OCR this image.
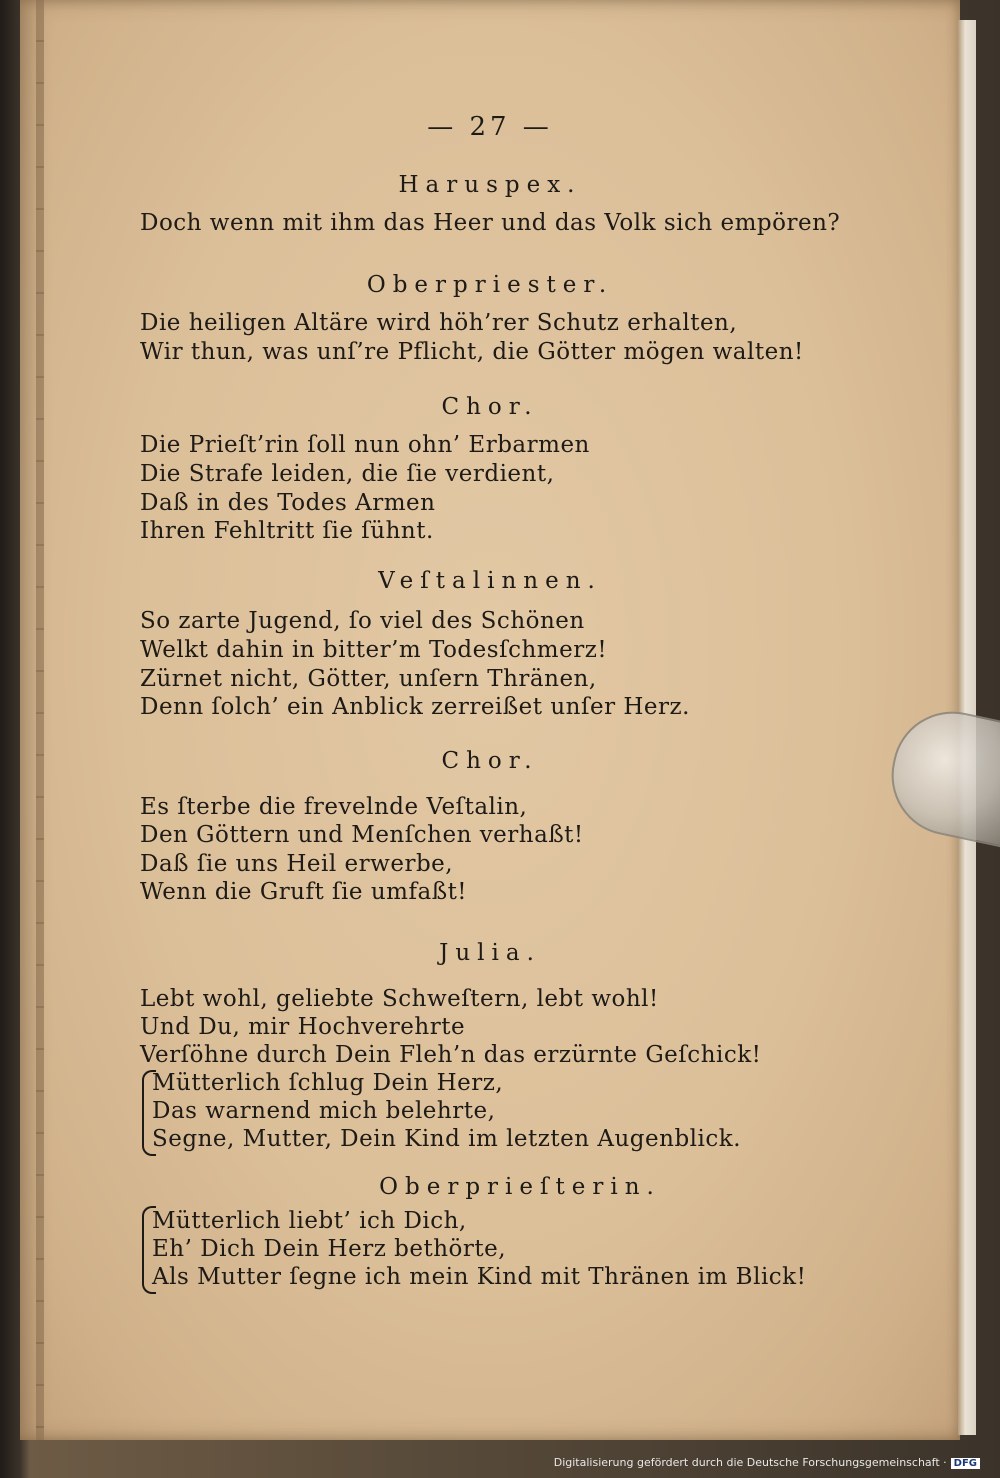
— 27 —
Haruspex.
Doch wenn mit ihm das Heer und das Volk sich empören?
Oberpriester.
Die heiligen Altäre wird höh’rer Schutz erhalten,
Wir thun, was unſ’re Pflicht, die Götter mögen walten!
Chor.
Die Prieſt’rin ſoll nun ohn’ Erbarmen
Die Strafe leiden, die ſie verdient,
Daß in des Todes Armen
Ihren Fehltritt ſie ſühnt.
Veſtalinnen.
So zarte Jugend, ſo viel des Schönen
Welkt dahin in bitter’m Todesſchmerz!
Zürnet nicht, Götter, unſern Thränen,
Denn ſolch’ ein Anblick zerreißet unſer Herz.
Chor.
Es ſterbe die frevelnde Veſtalin,
Den Göttern und Menſchen verhaßt!
Daß ſie uns Heil erwerbe,
Wenn die Gruft ſie umfaßt!
Julia.
Lebt wohl, geliebte Schweſtern, lebt wohl!
Und Du, mir Hochverehrte
Verſöhne durch Dein Fleh’n das erzürnte Geſchick!
Mütterlich ſchlug Dein Herz,
Das warnend mich belehrte,
Segne, Mutter, Dein Kind im letzten Augenblick.
Oberprieſterin.
Mütterlich liebt’ ich Dich,
Eh’ Dich Dein Herz bethörte,
Als Mutter ſegne ich mein Kind mit Thränen im Blick!
Digitalisierung gefördert durch die Deutsche Forschungsgemeinschaft · DFG
